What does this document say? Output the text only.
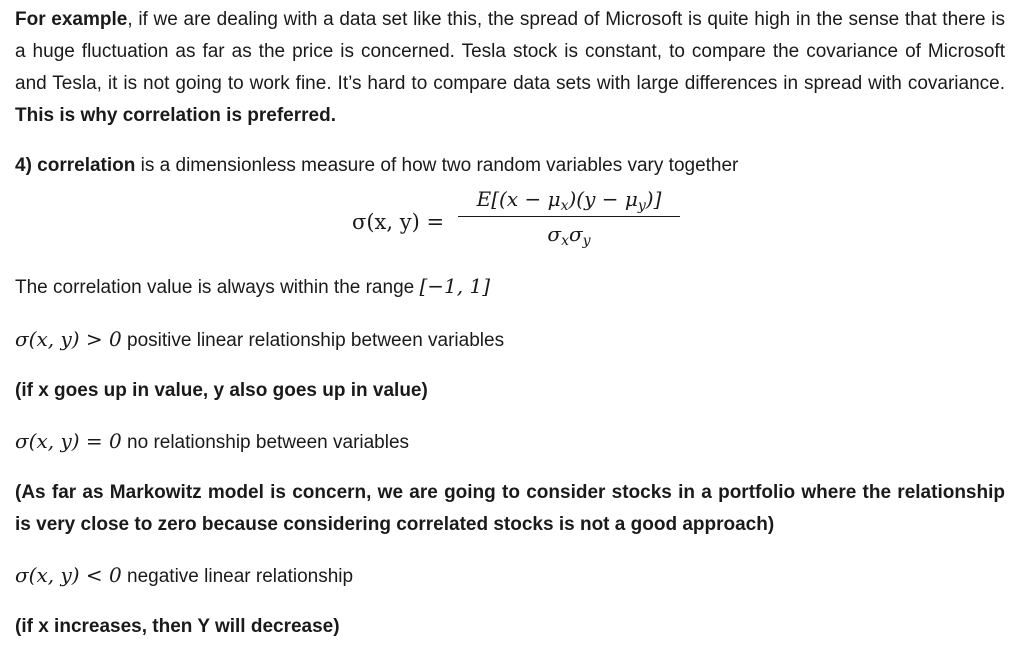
For example, if we are dealing with a data set like this, the spread of Microsoft is quite high in the sense that there is a huge fluctuation as far as the price is concerned. Tesla stock is constant, to compare the covariance of Microsoft and Tesla, it is not going to work fine. It’s hard to compare data sets with large differences in spread with covariance. This is why correlation is preferred.

4) correlation is a dimensionless measure of how two random variables vary together

σ(x, y) =
$E[(x - \mu_x)(y - \mu_y)]$
$\sigma_x\sigma_y$

The correlation value is always within the range [−1, 1]

σ(x, y) > 0 positive linear relationship between variables

(if x goes up in value, y also goes up in value)

σ(x, y) = 0 no relationship between variables

(As far as Markowitz model is concern, we are going to consider stocks in a portfolio where the relationship is very close to zero because considering correlated stocks is not a good approach)

σ(x, y) < 0 negative linear relationship

(if x increases, then Y will decrease)
